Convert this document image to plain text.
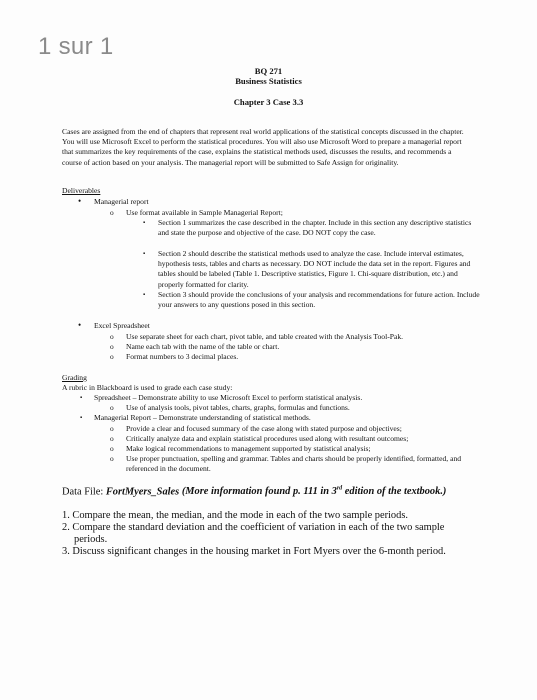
1 sur 1
BQ 271
Business Statistics
Chapter 3 Case 3.3
Cases are assigned from the end of chapters that represent real world applications of the statistical concepts discussed in the chapter. You will use Microsoft Excel to perform the statistical procedures. You will also use Microsoft Word to prepare a managerial report that summarizes the key requirements of the case, explains the statistical methods used, discusses the results, and recommends a course of action based on your analysis. The managerial report will be submitted to Safe Assign for originality.
Deliverables
• Managerial report
o Use format available in Sample Managerial Report;
▪ Section 1 summarizes the case described in the chapter. Include in this section any descriptive statistics and state the purpose and objective of the case. DO NOT copy the case.
▪ Section 2 should describe the statistical methods used to analyze the case. Include interval estimates, hypothesis tests, tables and charts as necessary. DO NOT include the data set in the report. Figures and tables should be labeled (Table 1. Descriptive statistics, Figure 1. Chi-square distribution, etc.) and properly formatted for clarity.
▪ Section 3 should provide the conclusions of your analysis and recommendations for future action. Include your answers to any questions posed in this section.
• Excel Spreadsheet
o Use separate sheet for each chart, pivot table, and table created with the Analysis Tool-Pak.
o Name each tab with the name of the table or chart.
o Format numbers to 3 decimal places.
Grading
A rubric in Blackboard is used to grade each case study:
▪ Spreadsheet – Demonstrate ability to use Microsoft Excel to perform statistical analysis.
o Use of analysis tools, pivot tables, charts, graphs, formulas and functions.
▪ Managerial Report – Demonstrate understanding of statistical methods.
o Provide a clear and focused summary of the case along with stated purpose and objectives;
o Critically analyze data and explain statistical procedures used along with resultant outcomes;
o Make logical recommendations to management supported by statistical analysis;
o Use proper punctuation, spelling and grammar. Tables and charts should be properly identified, formatted, and referenced in the document.
Data File: FortMyers_Sales (More information found p. 111 in 3rd edition of the textbook.)
1. Compare the mean, the median, and the mode in each of the two sample periods.
2. Compare the standard deviation and the coefficient of variation in each of the two sample periods.
3. Discuss significant changes in the housing market in Fort Myers over the 6-month period.
